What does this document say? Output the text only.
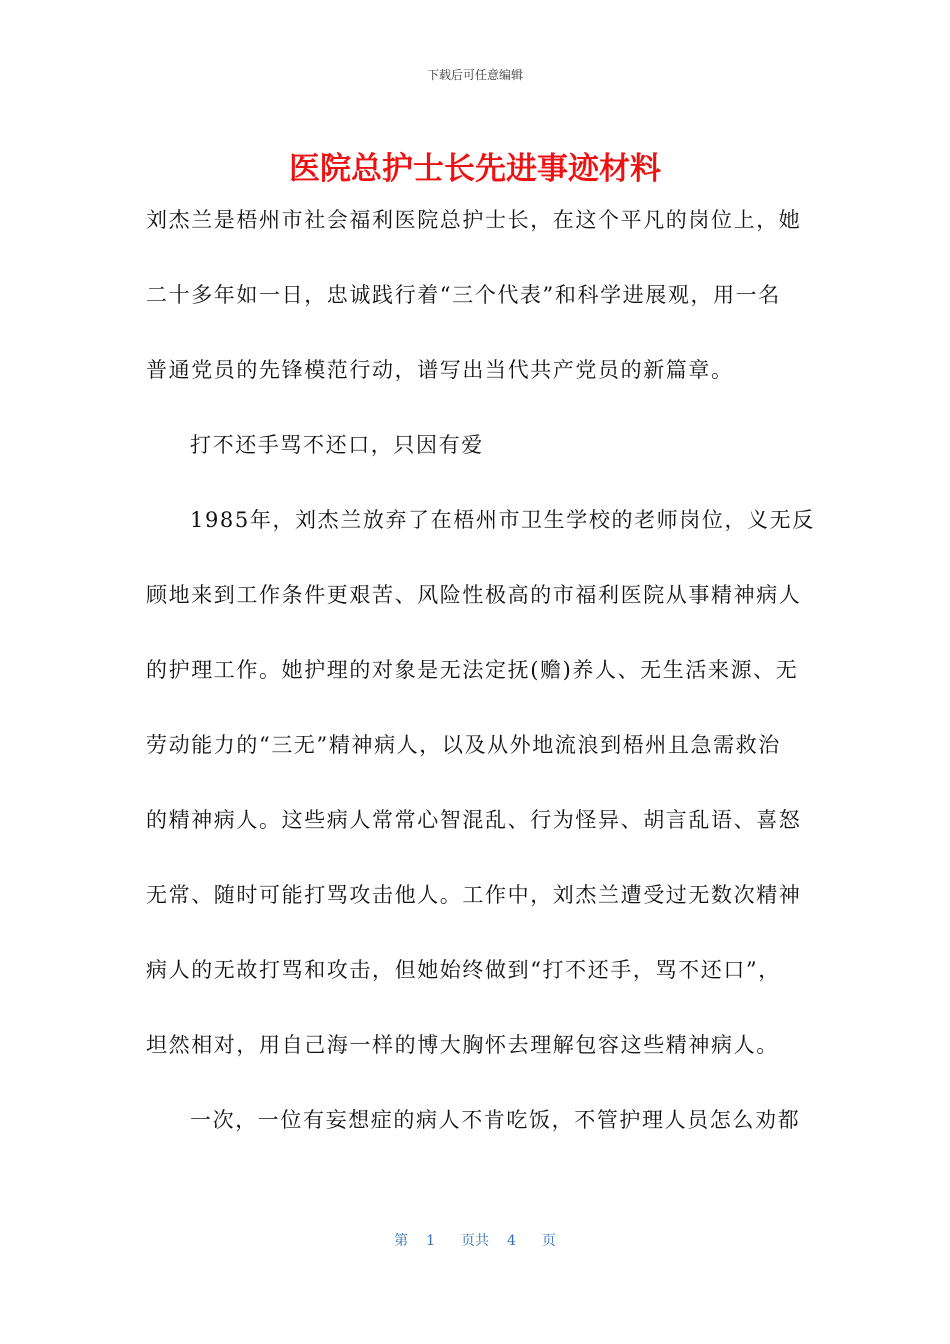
下载后可任意编辑
医院总护士长先进事迹材料
刘杰兰是梧州市社会福利医院总护士长，在这个平凡的岗位上，她
二十多年如一日，忠诚践行着“三个代表”和科学进展观，用一名
普通党员的先锋模范行动，谱写出当代共产党员的新篇章。
打不还手骂不还口，只因有爱
1985年，刘杰兰放弃了在梧州市卫生学校的老师岗位，义无反
顾地来到工作条件更艰苦、风险性极高的市福利医院从事精神病人
的护理工作。她护理的对象是无法定抚(赡)养人、无生活来源、无
劳动能力的“三无”精神病人，以及从外地流浪到梧州且急需救治
的精神病人。这些病人常常心智混乱、行为怪异、胡言乱语、喜怒
无常、随时可能打骂攻击他人。工作中，刘杰兰遭受过无数次精神
病人的无故打骂和攻击，但她始终做到“打不还手，骂不还口”，
坦然相对，用自己海一样的博大胸怀去理解包容这些精神病人。
一次，一位有妄想症的病人不肯吃饭，不管护理人员怎么劝都
第 1 页共 4 页
